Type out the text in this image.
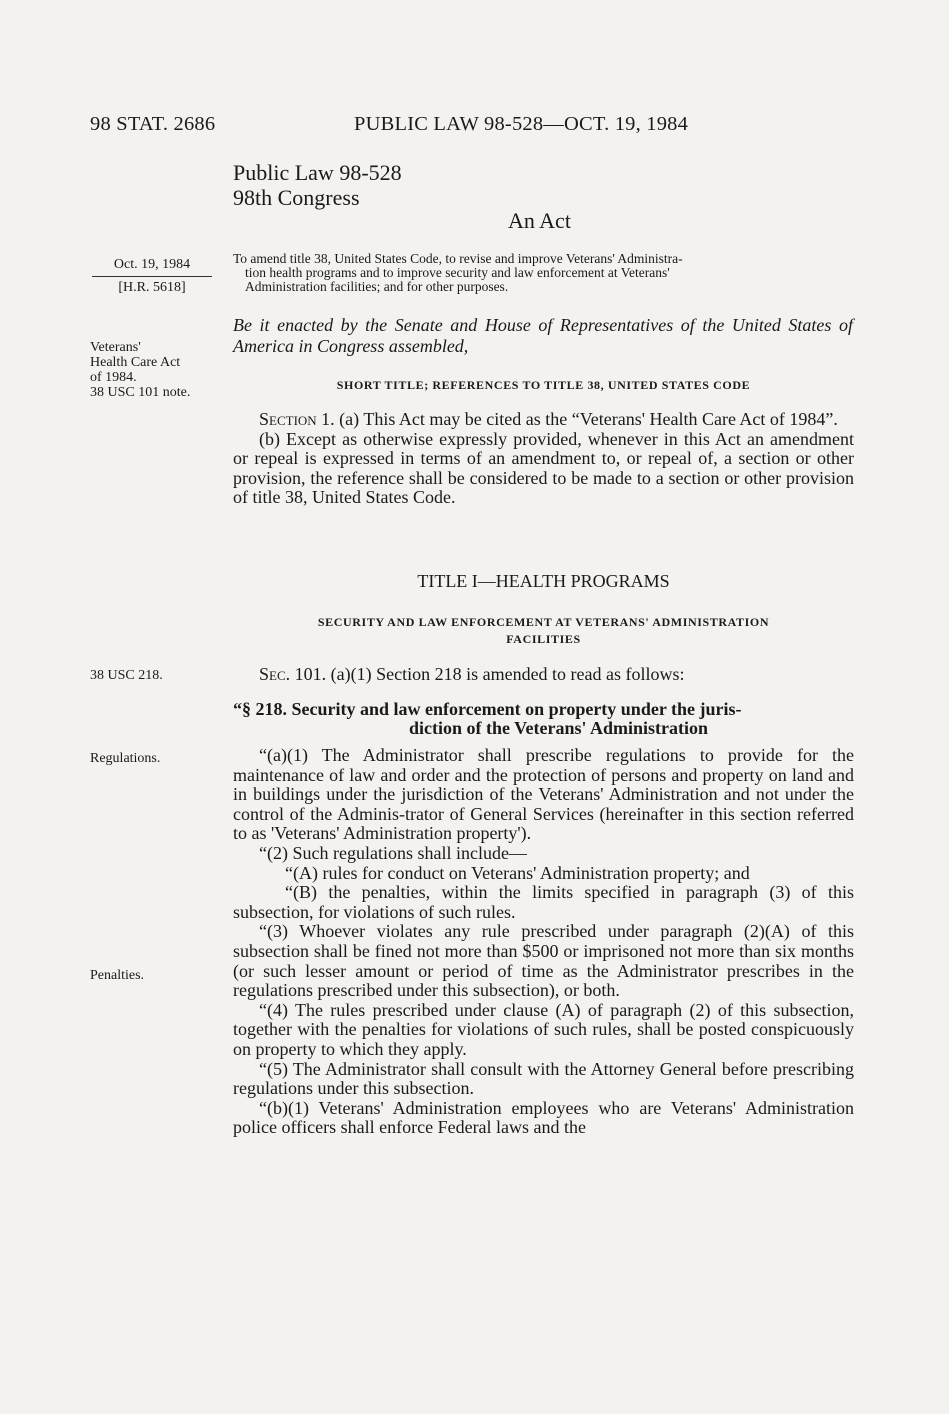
98 STAT. 2686	PUBLIC LAW 98-528—OCT. 19, 1984
Public Law 98-528
98th Congress
An Act
Oct. 19, 1984
[H.R. 5618]
To amend title 38, United States Code, to revise and improve Veterans' Administra-
tion health programs and to improve security and law enforcement at Veterans'
Administration facilities; and for other purposes.
Veterans'
Health Care Act
of 1984.
38 USC 101 note.
Be it enacted by the Senate and House of Representatives of the United States of America in Congress assembled,
SHORT TITLE; REFERENCES TO TITLE 38, UNITED STATES CODE

Section 1. (a) This Act may be cited as the “Veterans' Health Care Act of 1984”.

(b) Except as otherwise expressly provided, whenever in this Act an amendment or repeal is expressed in terms of an amendment to, or repeal of, a section or other provision, the reference shall be considered to be made to a section or other provision of title 38, United States Code.

TITLE I—HEALTH PROGRAMS
SECURITY AND LAW ENFORCEMENT AT VETERANS' ADMINISTRATION
FACILITIES
38 USC 218.	Sec. 101. (a)(1) Section 218 is amended to read as follows:

“§ 218. Security and law enforcement on property under the juris-
diction of the Veterans' Administration
Regulations.
Penalties.

“(a)(1) The Administrator shall prescribe regulations to provide for the maintenance of law and order and the protection of persons and property on land and in buildings under the jurisdiction of the Veterans' Administration and not under the control of the Adminis-trator of General Services (hereinafter in this section referred to as 'Veterans' Administration property').

“(2) Such regulations shall include—

“(A) rules for conduct on Veterans' Administration property; and

“(B) the penalties, within the limits specified in paragraph (3) of this subsection, for violations of such rules.

“(3) Whoever violates any rule prescribed under paragraph (2)(A) of this subsection shall be fined not more than $500 or imprisoned not more than six months (or such lesser amount or period of time as the Administrator prescribes in the regulations prescribed under this subsection), or both.

“(4) The rules prescribed under clause (A) of paragraph (2) of this subsection, together with the penalties for violations of such rules, shall be posted conspicuously on property to which they apply.

“(5) The Administrator shall consult with the Attorney General before prescribing regulations under this subsection.

“(b)(1) Veterans' Administration employees who are Veterans' Administration police officers shall enforce Federal laws and the
